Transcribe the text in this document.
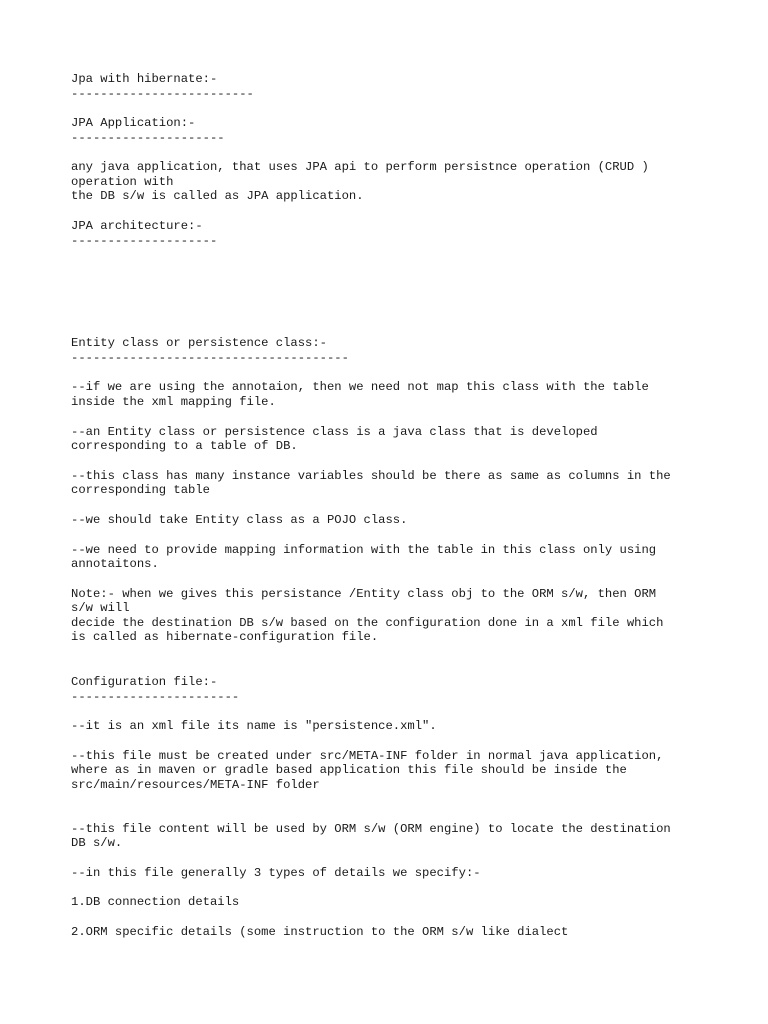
Jpa with hibernate:-
-------------------------
JPA Application:-
---------------------
any java application, that uses JPA api to perform persistnce operation (CRUD )
operation with
the DB s/w is called as JPA application.
JPA architecture:-
--------------------
Entity class or persistence class:-
--------------------------------------
--if we are using the annotaion, then we need not map this class with the table
inside the xml mapping file.
--an Entity class or persistence class is a java class that is developed
corresponding to a table of DB.
--this class has many instance variables should be there as same as columns in the
corresponding table
--we should take Entity class as a POJO class.
--we need to provide mapping information with the table in this class only using
annotaitons.
Note:- when we gives this persistance /Entity class obj to the ORM s/w, then ORM
s/w will
decide the destination DB s/w based on the configuration done in a xml file which
is called as hibernate-configuration file.
Configuration file:-
-----------------------
--it is an xml file its name is "persistence.xml".
--this file must be created under src/META-INF folder in normal java application,
where as in maven or gradle based application this file should be inside the
src/main/resources/META-INF folder
--this file content will be used by ORM s/w (ORM engine) to locate the destination
DB s/w.
--in this file generally 3 types of details we specify:-
1.DB connection details
2.ORM specific details (some instruction to the ORM s/w like dialect
